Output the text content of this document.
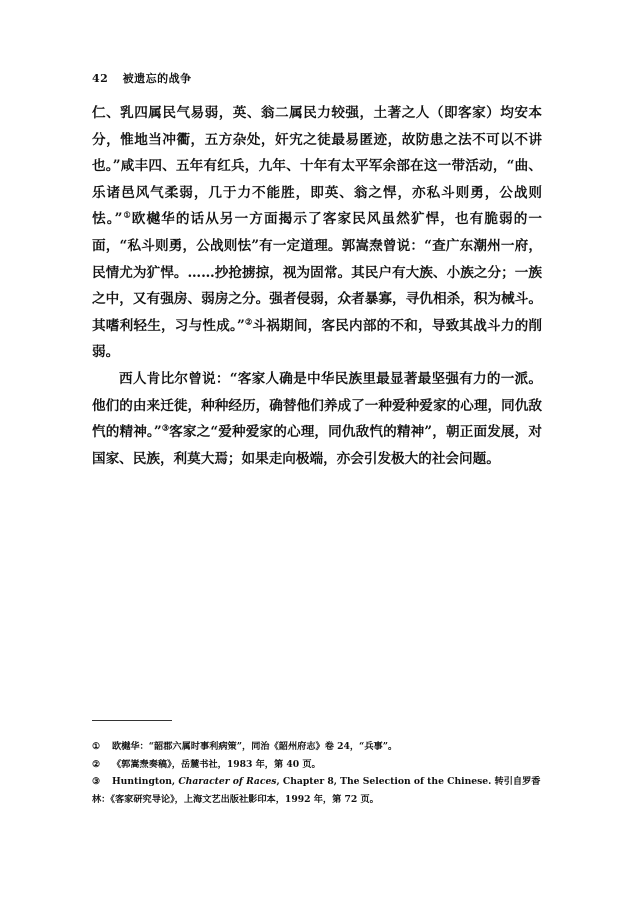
42 被遗忘的战争

仁、乳四属民气易弱，英、翁二属民力较强，土著之人（即客家）均安本分，惟地当冲衢，五方杂处，奸宄之徒最易匿迹，故防患之法不可以不讲也。”咸丰四、五年有红兵，九年、十年有太平军余部在这一带活动，“曲、乐诸邑风气柔弱，几于力不能胜，即英、翁之悍，亦私斗则勇，公战则怯。”①欧樾华的话从另一方面揭示了客家民风虽然犷悍，也有脆弱的一面，“私斗则勇，公战则怯”有一定道理。郭嵩焘曾说：“查广东潮州一府，民情尤为犷悍。……抄抢掳掠，视为固常。其民户有大族、小族之分；一族之中，又有强房、弱房之分。强者侵弱，众者暴寡，寻仇相杀，积为械斗。其嗜利轻生，习与性成。”②斗祸期间，客民内部的不和，导致其战斗力的削弱。

西人肯比尔曾说：“客家人确是中华民族里最显著最坚强有力的一派。他们的由来迁徙，种种经历，确替他们养成了一种爱种爱家的心理，同仇敌忾的精神。”③客家之“爱种爱家的心理，同仇敌忾的精神”，朝正面发展，对国家、民族，利莫大焉；如果走向极端，亦会引发极大的社会问题。

① 欧樾华：“韶郡六属时事利病策”，同治《韶州府志》卷 24，“兵事”。

② 《郭嵩焘奏稿》，岳麓书社，1983 年，第 40 页。

③ Huntington, Character of Races, Chapter 8, The Selection of the Chinese. 转引自罗香林：《客家研究导论》，上海文艺出版社影印本，1992 年，第 72 页。
